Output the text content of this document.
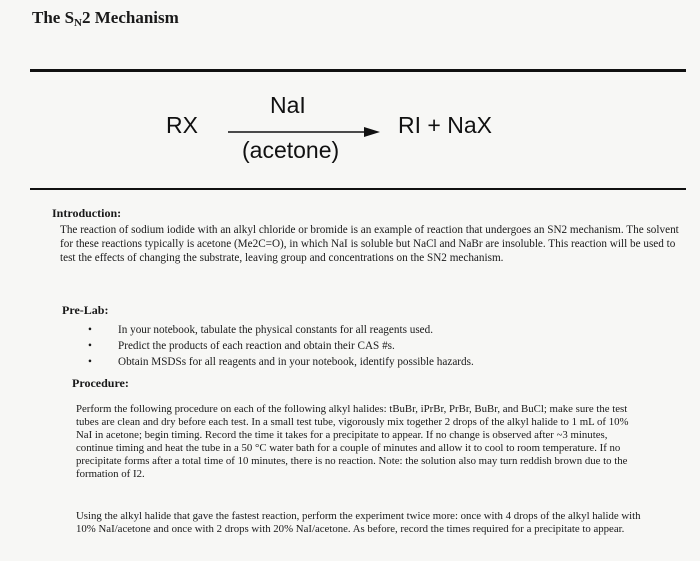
The SN2 Mechanism
RX
NaI
(acetone)
RI + NaX
Introduction:
The reaction of sodium iodide with an alkyl chloride or bromide is an example of reaction that undergoes an SN2 mechanism. The solvent for these reactions typically is acetone (Me2C=O), in which NaI is soluble but NaCl and NaBr are insoluble. This reaction will be used to test the effects of changing the substrate, leaving group and concentrations on the SN2 mechanism.
Pre-Lab:
• In your notebook, tabulate the physical constants for all reagents used.
• Predict the products of each reaction and obtain their CAS #s.
• Obtain MSDSs for all reagents and in your notebook, identify possible hazards.
Procedure:
Perform the following procedure on each of the following alkyl halides: tBuBr, iPrBr, PrBr, BuBr, and BuCl; make sure the test tubes are clean and dry before each test. In a small test tube, vigorously mix together 2 drops of the alkyl halide to 1 mL of 10% NaI in acetone; begin timing. Record the time it takes for a precipitate to appear. If no change is observed after ~3 minutes, continue timing and heat the tube in a 50 °C water bath for a couple of minutes and allow it to cool to room temperature. If no precipitate forms after a total time of 10 minutes, there is no reaction. Note: the solution also may turn reddish brown due to the formation of I2.
Using the alkyl halide that gave the fastest reaction, perform the experiment twice more: once with 4 drops of the alkyl halide with 10% NaI/acetone and once with 2 drops with 20% NaI/acetone. As before, record the times required for a precipitate to appear.
